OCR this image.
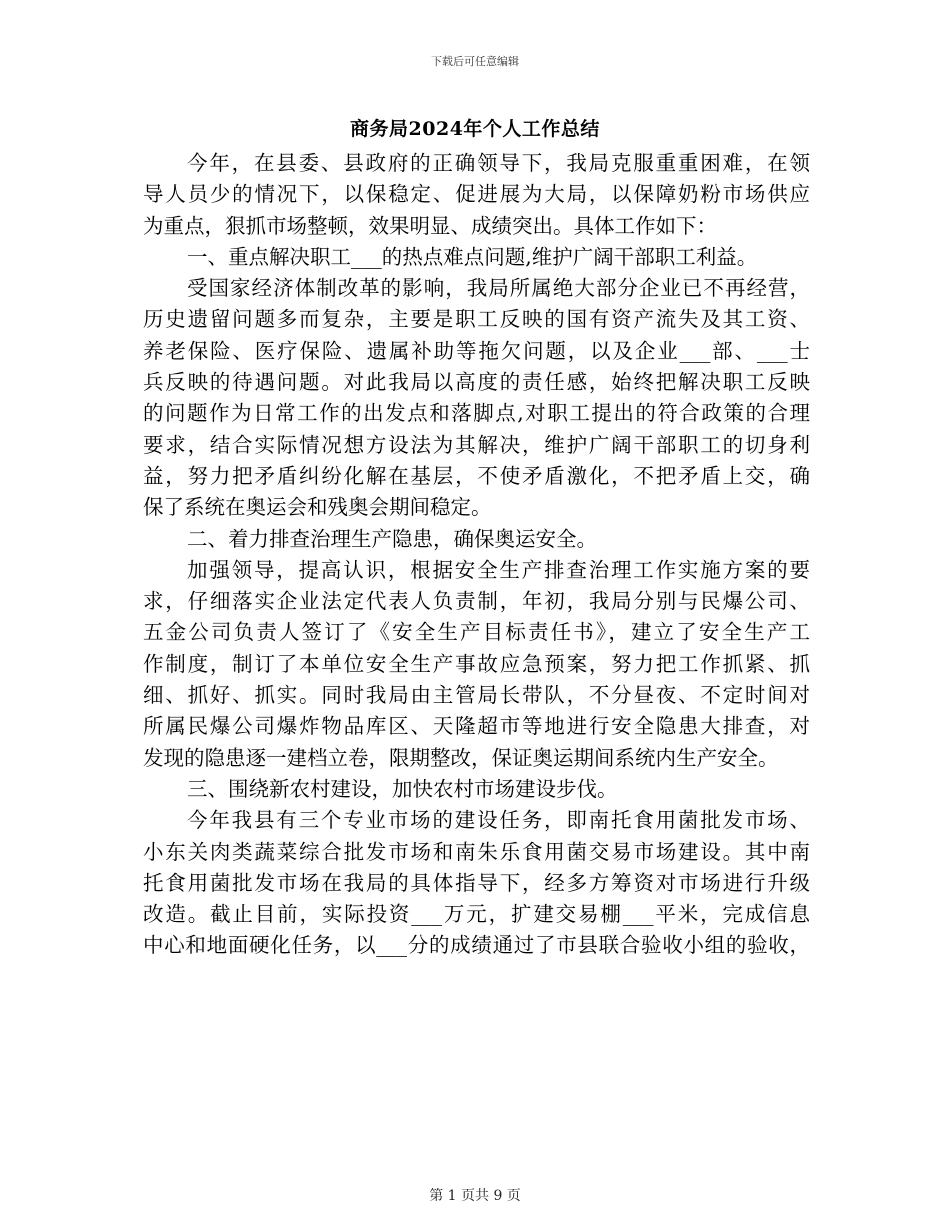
下载后可任意编辑
商务局2024年个人工作总结
今年，在县委、县政府的正确领导下，我局克服重重困难，在领
导人员少的情况下，以保稳定、促进展为大局，以保障奶粉市场供应
为重点，狠抓市场整顿，效果明显、成绩突出。具体工作如下：
一、重点解决职工___的热点难点问题,维护广阔干部职工利益。
受国家经济体制改革的影响，我局所属绝大部分企业已不再经营，
历史遗留问题多而复杂，主要是职工反映的国有资产流失及其工资、
养老保险、医疗保险、遗属补助等拖欠问题，以及企业___部、___士
兵反映的待遇问题。对此我局以高度的责任感，始终把解决职工反映
的问题作为日常工作的出发点和落脚点,对职工提出的符合政策的合理
要求，结合实际情况想方设法为其解决，维护广阔干部职工的切身利
益，努力把矛盾纠纷化解在基层，不使矛盾激化，不把矛盾上交，确
保了系统在奥运会和残奥会期间稳定。
二、着力排查治理生产隐患，确保奥运安全。
加强领导，提高认识，根据安全生产排查治理工作实施方案的要
求，仔细落实企业法定代表人负责制，年初，我局分别与民爆公司、
五金公司负责人签订了《安全生产目标责任书》，建立了安全生产工
作制度，制订了本单位安全生产事故应急预案，努力把工作抓紧、抓
细、抓好、抓实。同时我局由主管局长带队，不分昼夜、不定时间对
所属民爆公司爆炸物品库区、天隆超市等地进行安全隐患大排查，对
发现的隐患逐一建档立卷，限期整改，保证奥运期间系统内生产安全。
三、围绕新农村建设，加快农村市场建设步伐。
今年我县有三个专业市场的建设任务，即南托食用菌批发市场、
小东关肉类蔬菜综合批发市场和南朱乐食用菌交易市场建设。其中南
托食用菌批发市场在我局的具体指导下，经多方筹资对市场进行升级
改造。截止目前，实际投资___万元，扩建交易棚___平米，完成信息
中心和地面硬化任务，以___分的成绩通过了市县联合验收小组的验收，
第 1 页共 9 页
